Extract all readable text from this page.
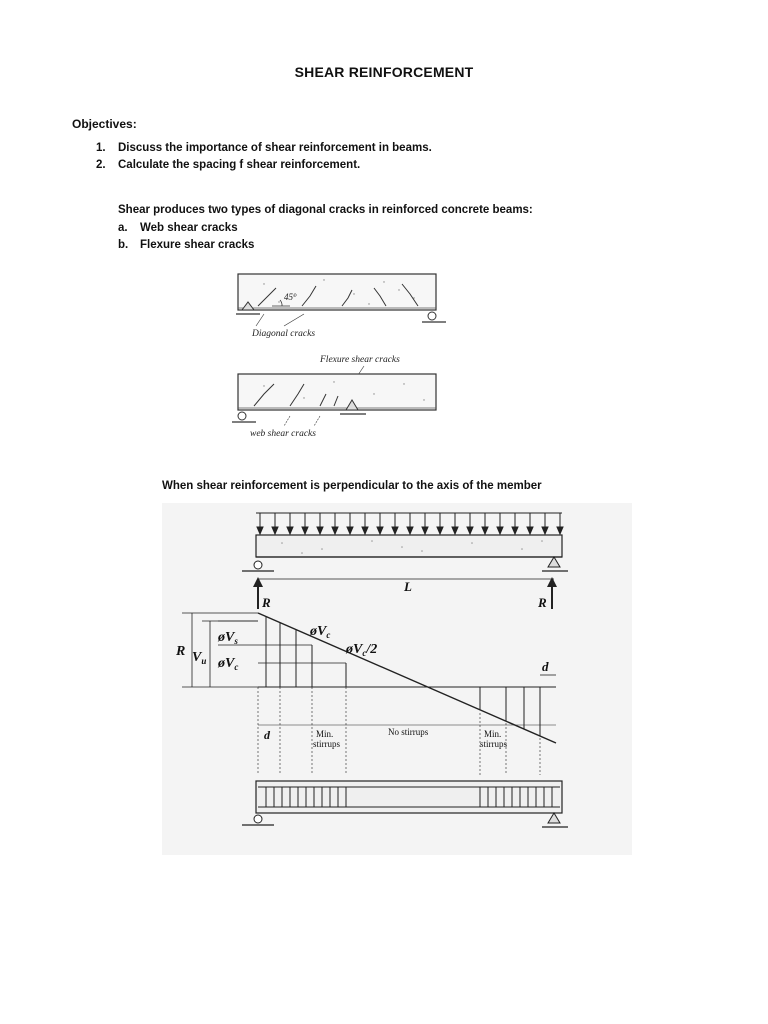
SHEAR REINFORCEMENT
Objectives:
1. Discuss the importance of shear reinforcement in beams.
2. Calculate the spacing f shear reinforcement.
Shear produces two types of diagonal cracks in reinforced concrete beams:
a. Web shear cracks
b. Flexure shear cracks
45°
Diagonal cracks
Flexure shear cracks
web shear cracks
When shear reinforcement is perpendicular to the axis of the member
L
R	R
R $V_u$
$øV_s$
$øV_c$
$øV_c$
$øV_c/2$
d
d	Min.
stirrups
No stirrups	Min.
stirrups
